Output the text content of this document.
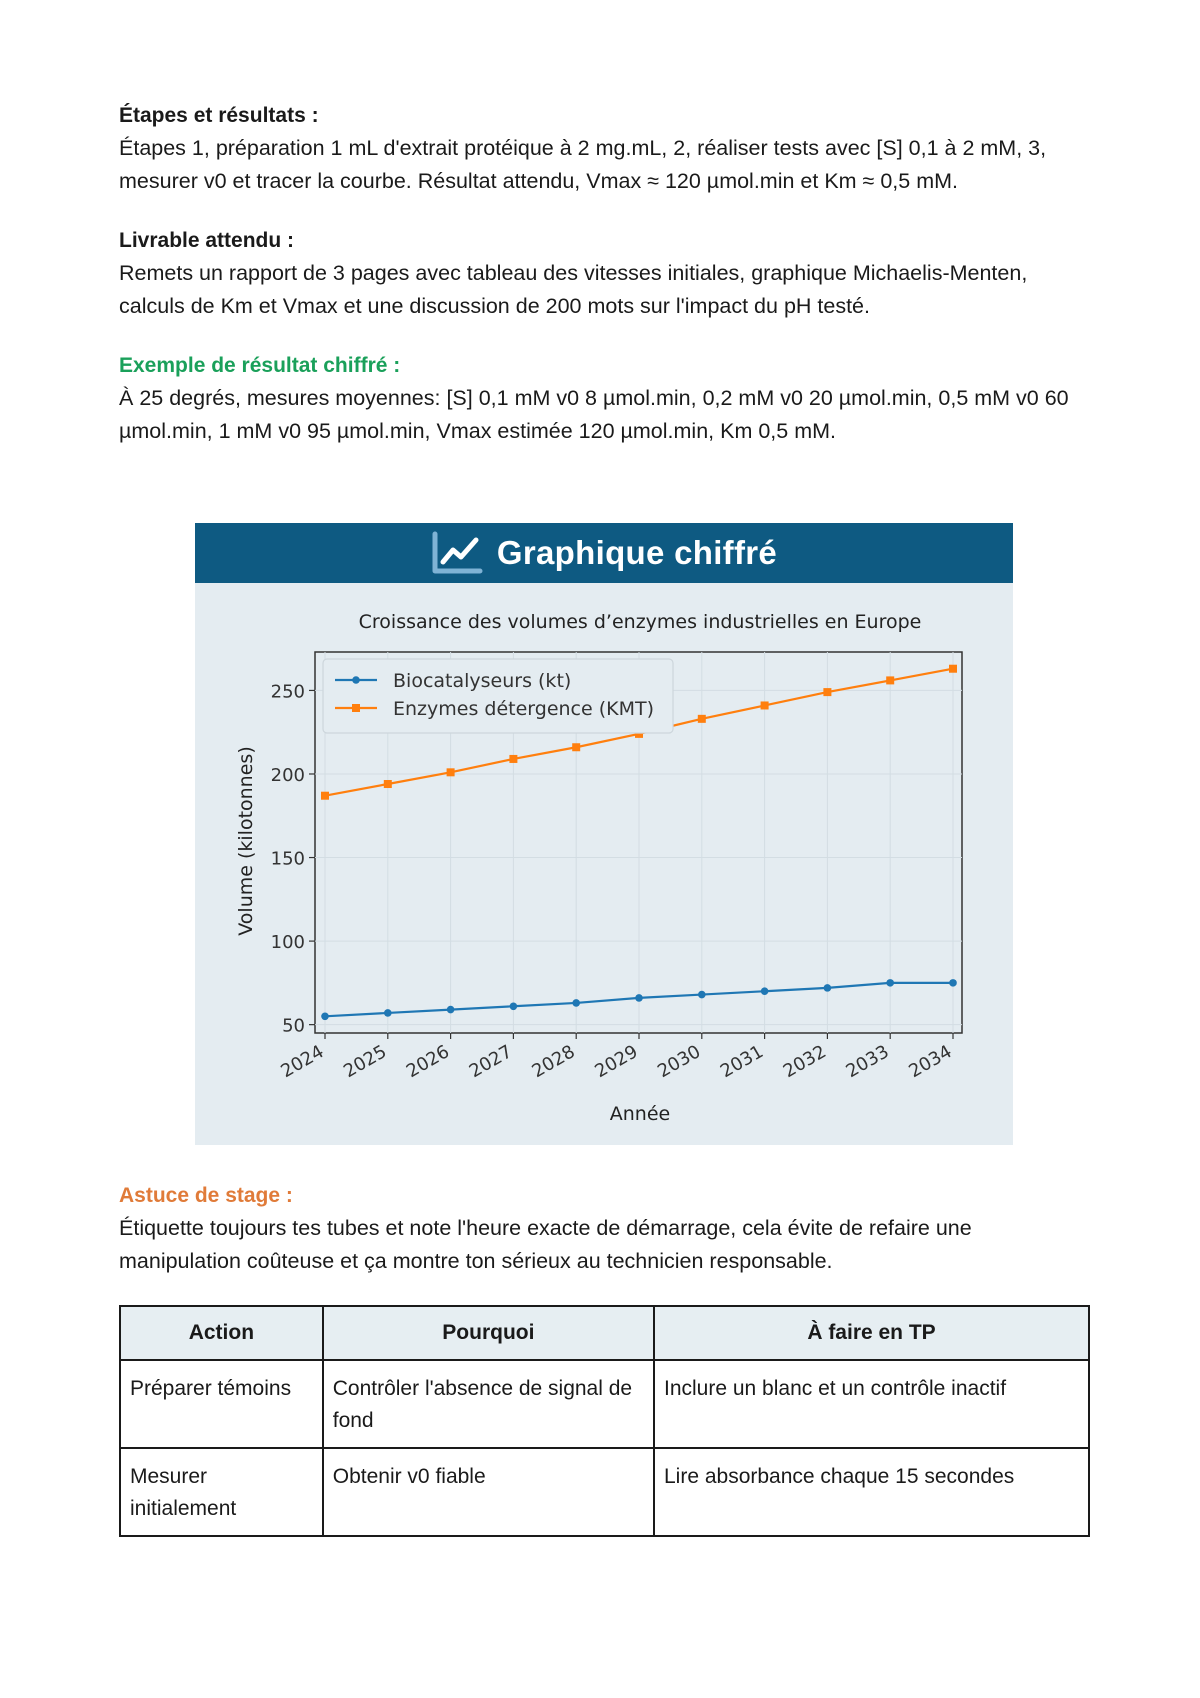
Étapes et résultats :

Étapes 1, préparation 1 mL d'extrait protéique à 2 mg.mL, 2, réaliser tests avec [S] 0,1 à 2 mM, 3, mesurer v0 et tracer la courbe. Résultat attendu, Vmax ≈ 120 µmol.min et Km ≈ 0,5 mM.

Livrable attendu :

Remets un rapport de 3 pages avec tableau des vitesses initiales, graphique Michaelis-Menten, calculs de Km et Vmax et une discussion de 200 mots sur l'impact du pH testé.

Exemple de résultat chiffré :

À 25 degrés, mesures moyennes: [S] 0,1 mM v0 8 µmol.min, 0,2 mM v0 20 µmol.min, 0,5 mM v0 60 µmol.min, 1 mM v0 95 µmol.min, Vmax estimée 120 µmol.min, Km 0,5 mM.

Graphique chiffré
Croissance des volumes d’enzymes industrielles en Europe
50
100
150
200
250
2024 2025 2026 2027 2028 2029 2030 2031 2032 2033 2034
Biocatalyseurs (kt)
Enzymes détergence (KMT)
Année
Volume (kilotonnes)
Astuce de stage :

Étiquette toujours tes tubes et note l'heure exacte de démarrage, cela évite de refaire une manipulation coûteuse et ça montre ton sérieux au technicien responsable.

Action	Pourquoi	À faire en TP
Préparer témoins	Contrôler l'absence de signal de fond	Inclure un blanc et un contrôle inactif
Mesurer initialement	Obtenir v0 fiable	Lire absorbance chaque 15 secondes
